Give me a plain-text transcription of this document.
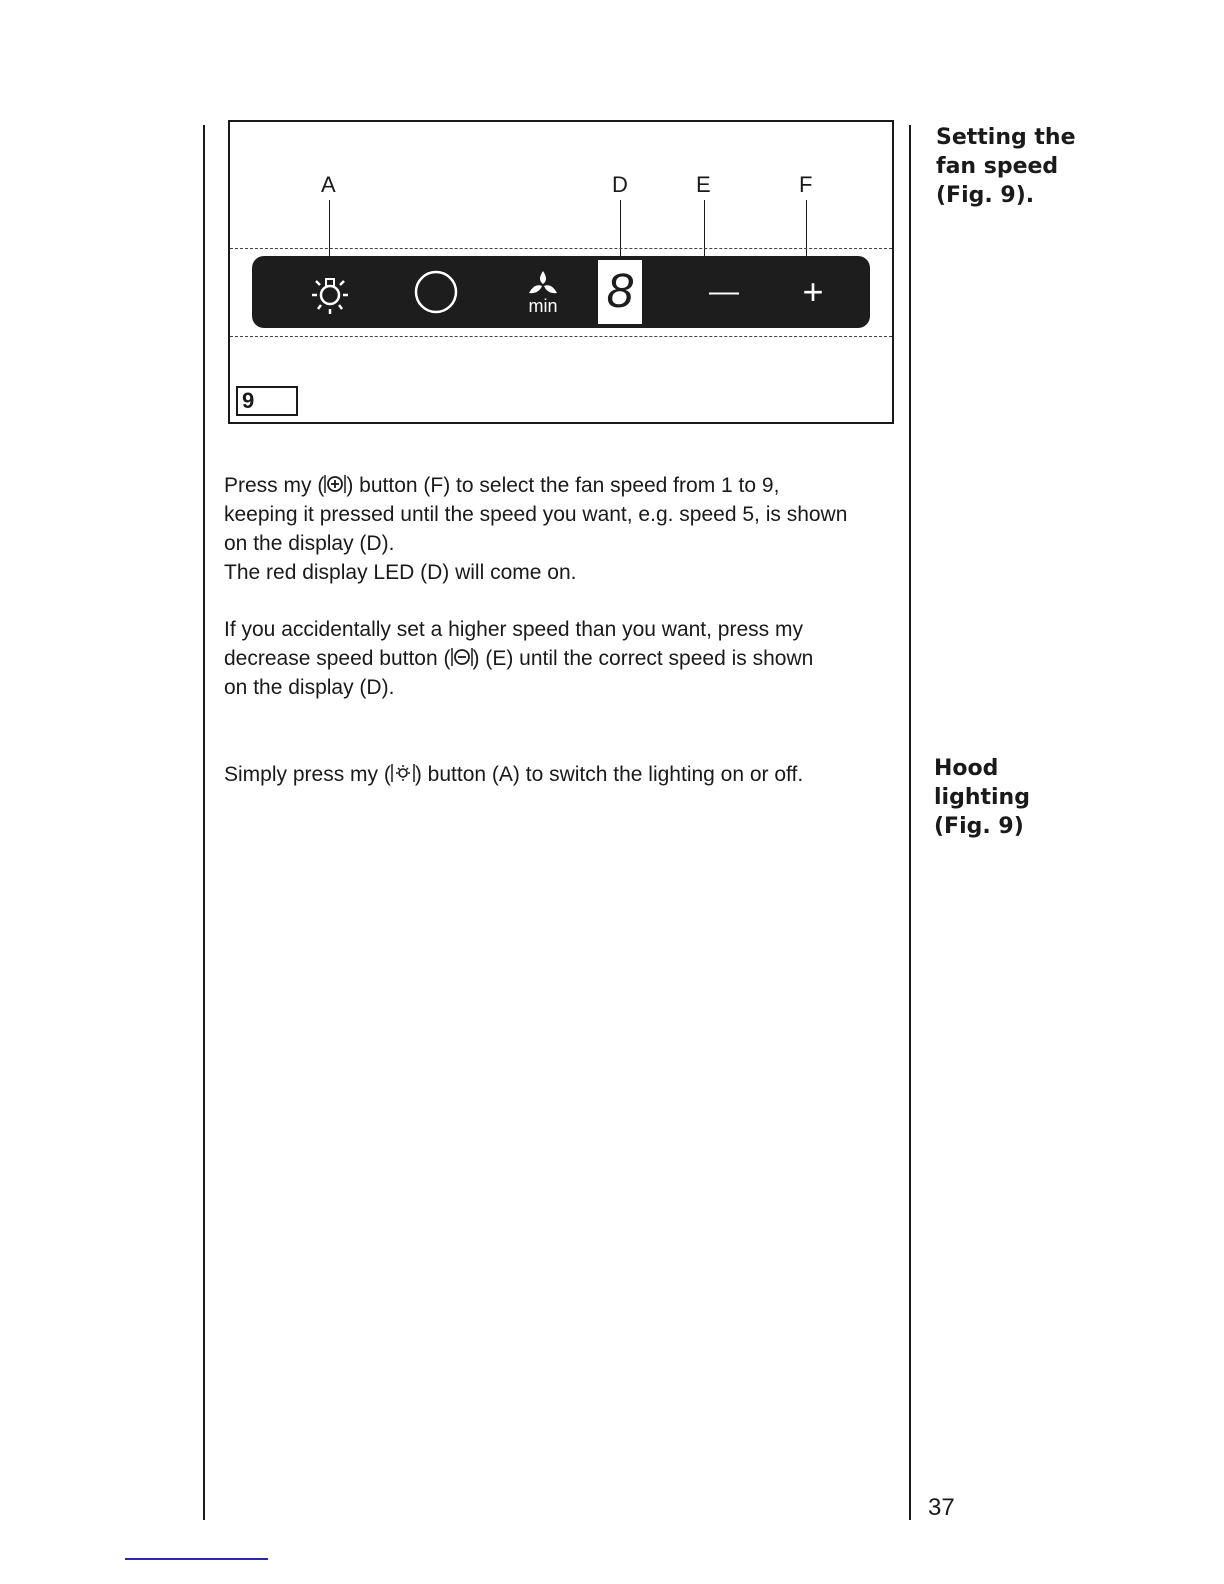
A	D	E	F
min 8	— +
9
Press my ( ) button (F) to select the fan speed from 1 to 9,
keeping it pressed until the speed you want, e.g. speed 5, is shown
on the display (D).
The red display LED (D) will come on.
If you accidentally set a higher speed than you want, press my
decrease speed button ( ) (E) until the correct speed is shown
on the display (D).
Simply press my ( ) button (A) to switch the lighting on or off.
Setting the
fan speed
(Fig. 9).
Hood
lighting
(Fig. 9)
37
